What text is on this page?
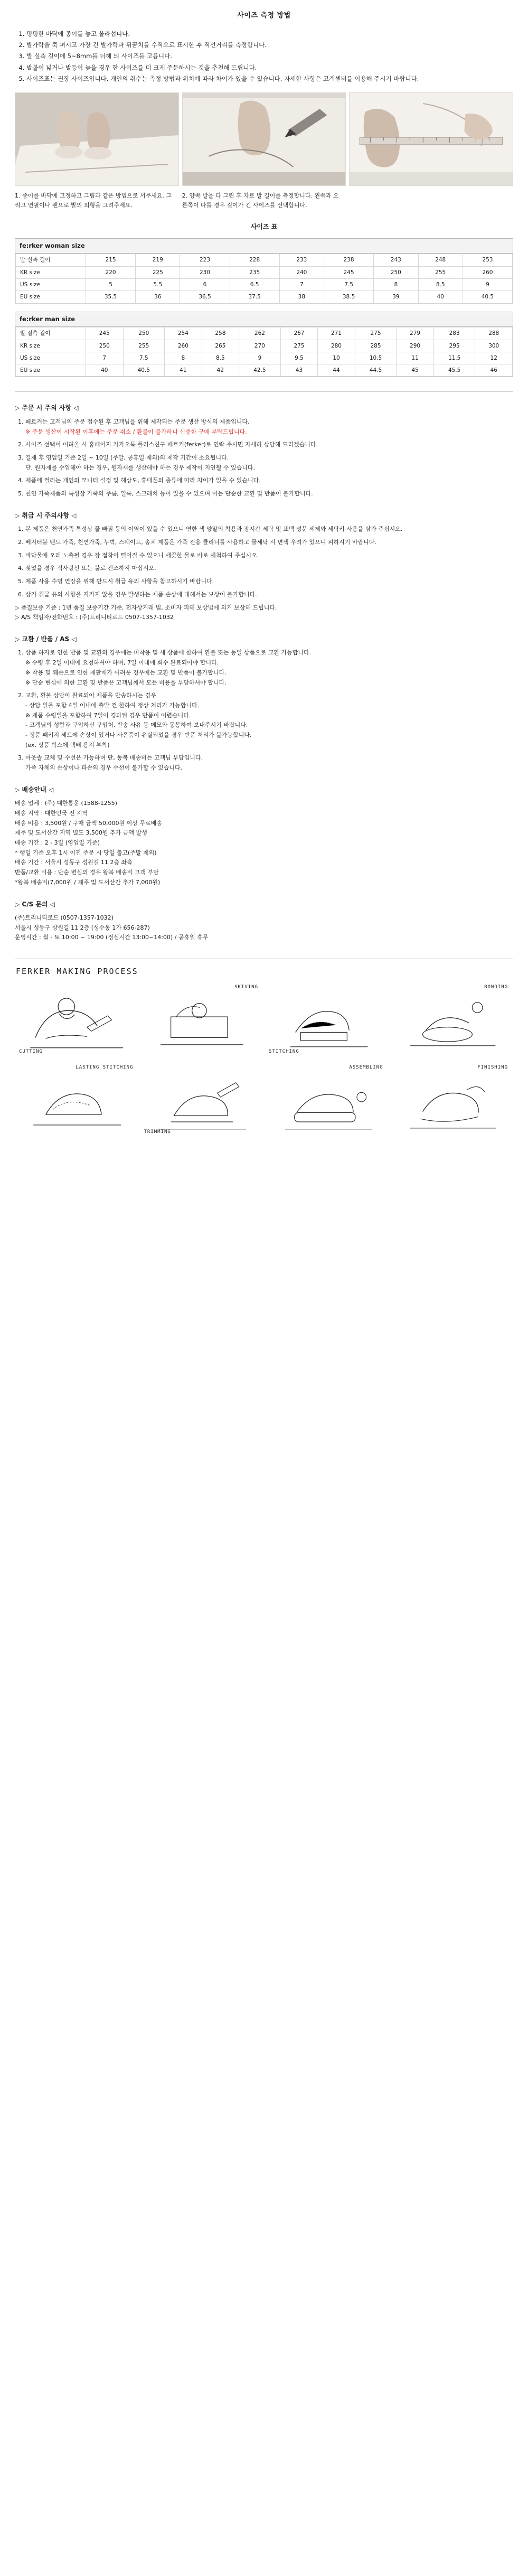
사이즈 측정 방법
1. 평평한 바닥에 종이를 놓고 올라섭니다.
2. 발가락을 쭉 펴시고 가장 긴 발가락과 뒤꿈치를 수직으로 표시한 후 직선거리를 측정합니다.
3. 발 실측 길이에 5~8mm를 더해 듸 사이즈를 고릅니다.
4. 발볼이 넓거나 발등이 높을 경우 한 사이즈를 더 크게 주문하시는 것을 추천해 드립니다.
5. 사이즈표는 권장 사이즈입니다. 개인의 취수는 측정 방법과 위치에 따라 차이가 있을 수 있습니다. 자세한 사항은 고객센터를 이용해 주시기 바랍니다.
1. 종이를 바닥에 고정하고 그림과 같은 방법으로 서주세요. 그리고 연필이나 펜으로 발의 외형을 그려주세요.
2. 양쪽 발을 다 그린 후 자로 발 길이를 측정합니다. 왼쪽과 오른쪽이 다를 경우 길이가 긴 사이즈를 선택합니다.
사이즈 표
fe:rker woman size
발 실측 길이	215	219	223	228	233	238	243	248	253
KR size	220	225	230	235	240	245	250	255	260
US size	5	5.5	6	6.5	7	7.5	8	8.5	9
EU size	35.5	36	36.5	37.5	38	38.5	39	40	40.5
fe:rker man size
발 실측 길이	245	250	254	258	262	267	271	275	279	283	288
KR size	250	255	260	265	270	275	280	285	290	295	300
US size	7	7.5	8	8.5	9	9.5	10	10.5	11	11.5	12
EU size	40	40.5	41	42	42.5	43	44	44.5	45	45.5	46
▷ 주문 시 주의 사항 ◁
1. 페르커는 고객님의 주문 접수된 후 고객님을 위해 제작되는 주문 생산 방식의 제품입니다.
※ 주문 생산이 시작된 이후에는 주문 취소 / 환불이 불가하니 신중한 구매 부탁드립니다.
2. 사이즈 선택이 어려울 시 홈페이지 카카오톡 플러스친구 페르커(ferker)로 연락 주시면 자세히 상담해 드리겠습니다.
3. 결제 후 영업일 기준 2일 ~ 10일 (주말, 공휴일 제외)의 제작 기간이 소요됩니다.
단, 원자재를 수입해야 하는 경우, 원자재를 생산해야 하는 경우 제작이 지연될 수 있습니다.
4. 제품에 컬러는 개인의 모니터 설정 및 해상도, 휴대폰의 종류에 따라 차이가 있을 수 있습니다.
5. 천연 가죽제품의 특성상 가죽의 주름, 얼룩, 스크래치 등이 있을 수 있으며 이는 단순한 교환 및 반품이 불가합니다.
▷ 취급 시 주의사항 ◁
1. 본 제품은 천연가죽 특성상 물 빠짐 등의 이염이 있을 수 있으니 연한 색 양말의 착용과 장시간 세탁 및 표백 성분 세제와 세탁키 사용을 삼가 주십시오.
2. 베지터블 탠드 가죽, 천연가죽, 누벅, 스웨이드, 송치 제품은 가죽 전용 클리너를 사용하고 물세탁 시 변색 우려가 있으니 피하시기 바랍니다.
3. 바닥물에 오래 노출될 경우 장 접착이 떨어질 수 있으니 깨끗한 물로 바로 세척하여 주십시오.
4. 젖었을 경우 직사광선 또는 불로 건조하지 마십시오.
5. 제품 사용 수명 연장을 위해 반드시 취급 유의 사항을 참고하시기 바랍니다.
6. 상기 취급 유의 사항을 지키지 않을 경우 발생하는 제품 손상에 대해서는 보상이 불가합니다.
▷ 품질보증 기준 : 1년 품질 보증기간 기준, 전자상거래 법, 소비자 피해 보상법에 의거 보상해 드립니다.
▷ A/S 책임자/전화번호 : (주)트리니티로드 0507-1357-1032
▷ 교환 / 반품 / AS ◁
1. 상품 하자로 인한 반품 및 교환의 경우에는 미착용 및 세 상품에 한하여 환불 또는 동일 상품으로 교환 가능합니다.
※ 수령 후 2일 이내에 요청하셔야 하며, 7일 이내에 회수 완료되어야 합니다.
※ 착용 및 훼손으로 인한 재판매가 어려운 경우에는 교환 및 반품이 불가합니다.
※ 단순 변심에 의한 교환 및 반품은 고객님께서 모든 비용을 부담하셔야 합니다.
2. 교환, 환불 상담이 완료되어 제품을 반송하시는 경우
- 상담 일을 포함 4일 이내에 출발 건 한하여 정상 처리가 가능합니다.
※ 제품 수령일을 포함하여 7일이 경과된 경우 반품이 어렵습니다.
- 고객님의 성함과 구입하신 구입처, 반송 사유 등 메모와 동봉하여 보내주시기 바랍니다.
- 정품 패키지 세트에 손상이 있거나 사은품이 유실되었을 경우 반품 처리가 불가능합니다.
(ex. 상품 박스에 택배 용지 부착)
3. 아웃솔 교체 및 수선은 가능하며 단, 동복 배송비는 고객님 부담입니다.
가죽 자체의 손상이나 파손의 경우 수선이 불가할 수 있습니다.
▷ 배송안내 ◁
배송 업체 : (주) 대한통운 (1588-1255)
배송 지역 : 대한민국 전 지역
배송 비용 : 3,500원 / 구매 금액 50,000원 이상 무료배송
제주 및 도서산간 지역 별도 3,500원 추가 금액 발생
배송 기간 : 2 - 3일 (영업일 기준)
* 행일 기준 오후 1시 이전 주문 시 당일 출고(주말 제외)
배송 기간 : 서울시 성동구 성원길 11 2층 좌측
반품/교환 비용 : 단순 변심의 경우 왕복 배송비 고객 부담
*왕복 배송비(7,000원 / 제주 및 도서산간 추가 7,000원)
▷ C/S 문의 ◁
(주)트리니티로드 (0507-1357-1032)
서울시 성동구 상원길 11 2층 (성수동 1가 656-287)
운영시간 : 월 - 토 10:00 ~ 19:00 (정심시간 13:00~14:00) / 공휴일 휴무
FERKER MAKING PROCESS
CUTTING
SKIVING
STITCHING
BONDING
LASTING STITCHING
TRIMMING
ASSEMBLING	FINISHING
